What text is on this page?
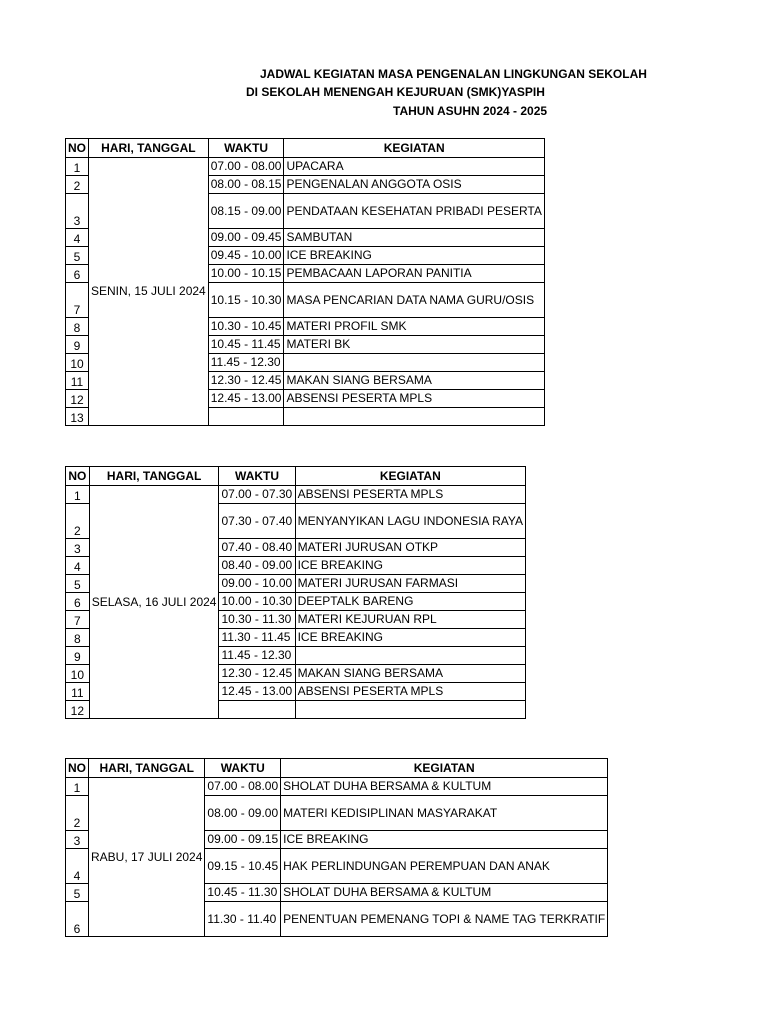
JADWAL KEGIATAN MASA PENGENALAN LINGKUNGAN SEKOLAH
DI SEKOLAH MENENGAH KEJURUAN (SMK)YASPIH
TAHUN ASUHN 2024 - 2025
NO	HARI, TANGGAL	WAKTU	KEGIATAN
1	SENIN, 15 JULI 2024	07.00 - 08.00	UPACARA
2		08.00 - 08.15	PENGENALAN ANGGOTA OSIS
3		08.15 - 09.00	PENDATAAN KESEHATAN PRIBADI PESERTA
4		09.00 - 09.45	SAMBUTAN
5		09.45 - 10.00	ICE BREAKING
6		10.00 - 10.15	PEMBACAAN LAPORAN PANITIA
7		10.15 - 10.30	MASA PENCARIAN DATA NAMA GURU/OSIS
8		10.30 - 10.45	MATERI PROFIL SMK
9		10.45 - 11.45	MATERI BK
10		11.45 - 12.30	
11		12.30 - 12.45	MAKAN SIANG BERSAMA
12		12.45 - 13.00	ABSENSI PESERTA MPLS
13			
NO	HARI, TANGGAL	WAKTU	KEGIATAN
1	SELASA, 16 JULI 2024	07.00 - 07.30	ABSENSI PESERTA MPLS
2		07.30 - 07.40	MENYANYIKAN LAGU INDONESIA RAYA
3		07.40 - 08.40	MATERI JURUSAN OTKP
4		08.40 - 09.00	ICE BREAKING
5		09.00 - 10.00	MATERI JURUSAN FARMASI
6		10.00 - 10.30	DEEPTALK BARENG
7		10.30 - 11.30	MATERI KEJURUAN RPL
8		11.30 - 11.45	ICE BREAKING
9		11.45 - 12.30	
10		12.30 - 12.45	MAKAN SIANG BERSAMA
11		12.45 - 13.00	ABSENSI PESERTA MPLS
12			
NO	HARI, TANGGAL	WAKTU	KEGIATAN
1	RABU, 17 JULI 2024	07.00 - 08.00	SHOLAT DUHA BERSAMA & KULTUM
2		08.00 - 09.00	MATERI KEDISIPLINAN MASYARAKAT
3		09.00 - 09.15	ICE BREAKING
4		09.15 - 10.45	HAK PERLINDUNGAN PEREMPUAN DAN ANAK
5		10.45 - 11.30	SHOLAT DUHA BERSAMA & KULTUM
6		11.30 - 11.40	PENENTUAN PEMENANG TOPI & NAME TAG TERKRATIF
